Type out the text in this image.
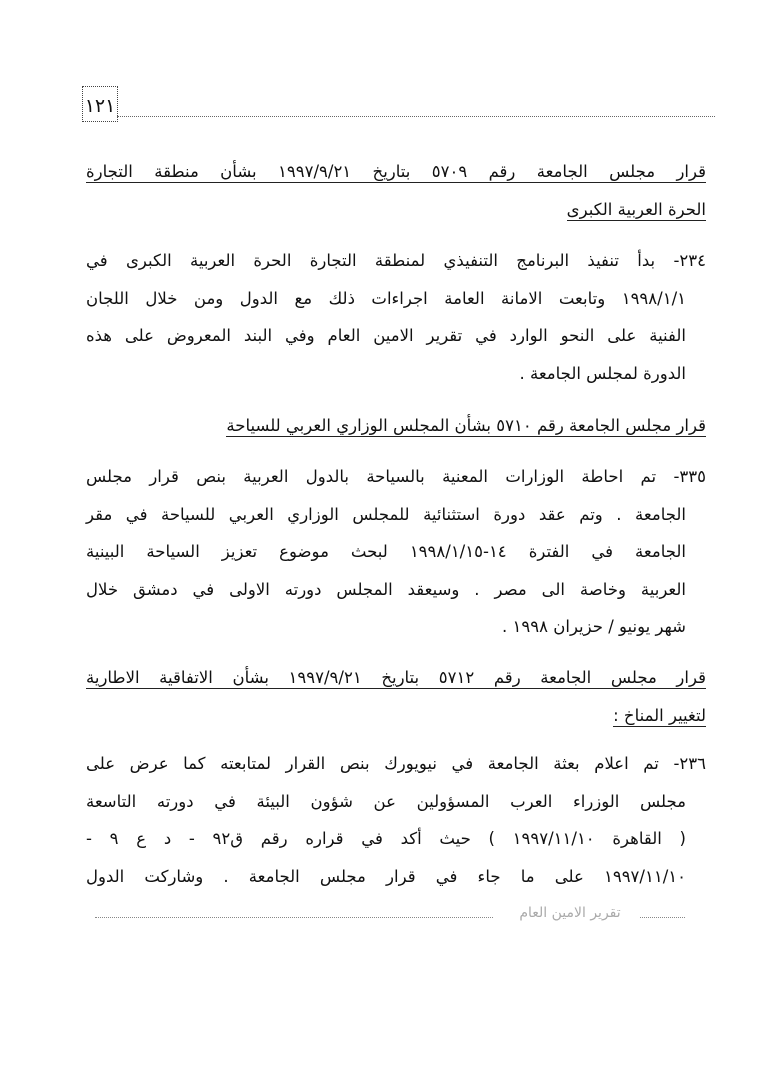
١٢١
قرار مجلس الجامعة رقم ٥٧٠٩ بتاريخ ١٩٩٧/٩/٢١ بشأن منطقة التجارة
الحرة العربية الكبرى
٢٣٤- بدأ تنفيذ البرنامج التنفيذي لمنطقة التجارة الحرة العربية الكبرى في
١٩٩٨/١/١ وتابعت الامانة العامة اجراءات ذلك مع الدول ومن خلال اللجان
الفنية على النحو الوارد في تقرير الامين العام وفي البند المعروض على هذه
الدورة لمجلس الجامعة .
قرار مجلس الجامعة رقم ٥٧١٠ بشأن المجلس الوزاري العربي للسياحة
٣٣٥- تم احاطة الوزارات المعنية بالسياحة بالدول العربية بنص قرار مجلس
الجامعة . وتم عقد دورة استثنائية للمجلس الوزاري العربي للسياحة في مقر
الجامعة في الفترة ١٤-١٩٩٨/١/١٥ لبحث موضوع تعزيز السياحة البينية
العربية وخاصة الى مصر . وسيعقد المجلس دورته الاولى في دمشق خلال
شهر يونيو / حزيران ١٩٩٨ .
قرار مجلس الجامعة رقم ٥٧١٢ بتاريخ ١٩٩٧/٩/٢١ بشأن الاتفاقية الاطارية
لتغيير المناخ :
٢٣٦- تم اعلام بعثة الجامعة في نيويورك بنص القرار لمتابعته كما عرض على
مجلس الوزراء العرب المسؤولين عن شؤون البيئة في دورته التاسعة
( القاهرة ١٩٩٧/١١/١٠ ) حيث أكد في قراره رقم ق٩٢ - د ع ٩ -
١٩٩٧/١١/١٠ على ما جاء في قرار مجلس الجامعة . وشاركت الدول
تقرير الامين العام
